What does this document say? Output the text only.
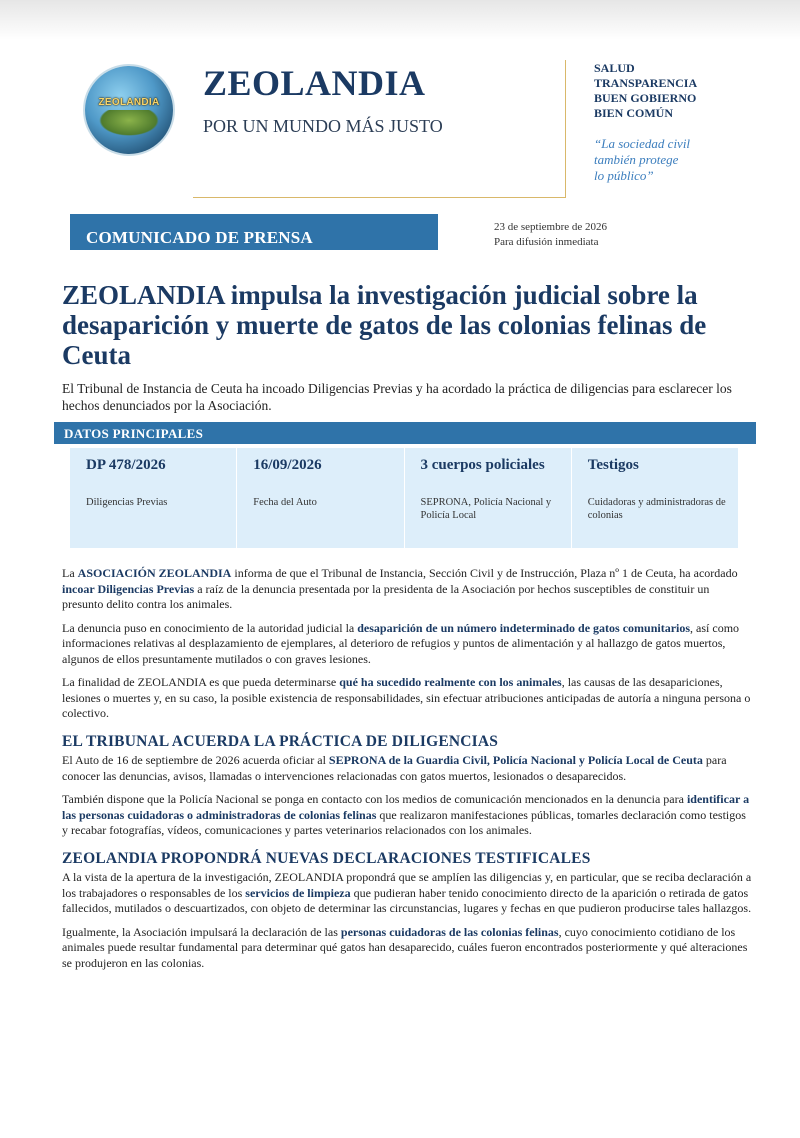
ZEOLANDIA	ZEOLANDIA
POR UN MUNDO MÁS JUSTO
SALUD
TRANSPARENCIA
BUEN GOBIERNO
BIEN COMÚN
“La sociedad civil
también protege
lo público”
COMUNICADO DE PRENSA
23 de septiembre de 2026
Para difusión inmediata
ZEOLANDIA impulsa la investigación judicial sobre la desaparición y muerte de gatos de las colonias felinas de Ceuta

El Tribunal de Instancia de Ceuta ha incoado Diligencias Previas y ha acordado la práctica de diligencias para esclarecer los hechos denunciados por la Asociación.

DATOS PRINCIPALES
DP 478/2026
Diligencias Previas
16/09/2026
Fecha del Auto
3 cuerpos policiales
SEPRONA, Policía Nacional y Policía Local
Testigos
Cuidadoras y administradoras de colonias

La ASOCIACIÓN ZEOLANDIA informa de que el Tribunal de Instancia, Sección Civil y de Instrucción, Plaza nº 1 de Ceuta, ha acordado incoar Diligencias Previas a raíz de la denuncia presentada por la presidenta de la Asociación por hechos susceptibles de constituir un presunto delito contra los animales.

La denuncia puso en conocimiento de la autoridad judicial la desaparición de un número indeterminado de gatos comunitarios, así como informaciones relativas al desplazamiento de ejemplares, al deterioro de refugios y puntos de alimentación y al hallazgo de gatos muertos, algunos de ellos presuntamente mutilados o con graves lesiones.

La finalidad de ZEOLANDIA es que pueda determinarse qué ha sucedido realmente con los animales, las causas de las desapariciones, lesiones o muertes y, en su caso, la posible existencia de responsabilidades, sin efectuar atribuciones anticipadas de autoría a ninguna persona o colectivo.

EL TRIBUNAL ACUERDA LA PRÁCTICA DE DILIGENCIAS

El Auto de 16 de septiembre de 2026 acuerda oficiar al SEPRONA de la Guardia Civil, Policía Nacional y Policía Local de Ceuta para conocer las denuncias, avisos, llamadas o intervenciones relacionadas con gatos muertos, lesionados o desaparecidos.

También dispone que la Policía Nacional se ponga en contacto con los medios de comunicación mencionados en la denuncia para identificar a las personas cuidadoras o administradoras de colonias felinas que realizaron manifestaciones públicas, tomarles declaración como testigos y recabar fotografías, vídeos, comunicaciones y partes veterinarios relacionados con los animales.

ZEOLANDIA PROPONDRÁ NUEVAS DECLARACIONES TESTIFICALES

A la vista de la apertura de la investigación, ZEOLANDIA propondrá que se amplíen las diligencias y, en particular, que se reciba declaración a los trabajadores o responsables de los servicios de limpieza que pudieran haber tenido conocimiento directo de la aparición o retirada de gatos fallecidos, mutilados o descuartizados, con objeto de determinar las circunstancias, lugares y fechas en que pudieron producirse tales hallazgos.

Igualmente, la Asociación impulsará la declaración de las personas cuidadoras de las colonias felinas, cuyo conocimiento cotidiano de los animales puede resultar fundamental para determinar qué gatos han desaparecido, cuáles fueron encontrados posteriormente y qué alteraciones se produjeron en las colonias.
